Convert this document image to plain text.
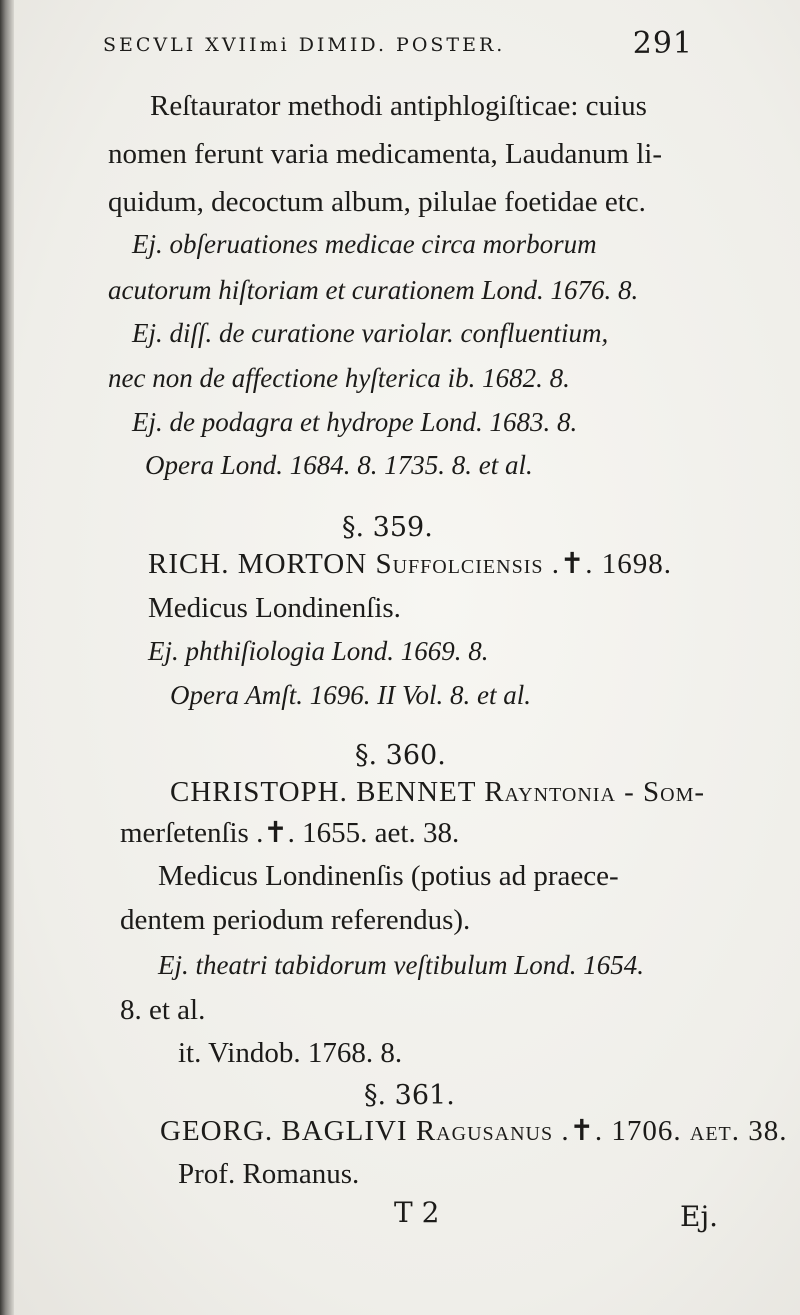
SECVLI XVIImi DIMID. POSTER.	291
Reſtaurator methodi antiphlogiſticae: cuius
nomen ferunt varia medicamenta, Laudanum li-
quidum, decoctum album, pilulae foetidae etc.
Ej. obſeruationes medicae circa morborum
acutorum hiſtoriam et curationem Lond. 1676. 8.
Ej. diſſ. de curatione variolar. confluentium,
nec non de affectione hyſterica ib. 1682. 8.
Ej. de podagra et hydrope Lond. 1683. 8.
Opera Lond. 1684. 8. 1735. 8. et al.
§. 359.
RICH. MORTON Suffolcienſis .✝. 1698.
Medicus Londinenſis.
Ej. phthiſiologia Lond. 1669. 8.
Opera Amſt. 1696. II Vol. 8. et al.
§. 360.
CHRISTOPH. BENNET Rayntonia - Som-
merſetenſis .✝. 1655. aet. 38.
Medicus Londinenſis (potius ad praece-
dentem periodum referendus).
Ej. theatri tabidorum veſtibulum Lond. 1654.
8. et al.
it. Vindob. 1768. 8.
§. 361.
GEORG. BAGLIVI Raguſanus .✝. 1706. aet. 38.
Prof. Romanus.
T 2	Ej.
